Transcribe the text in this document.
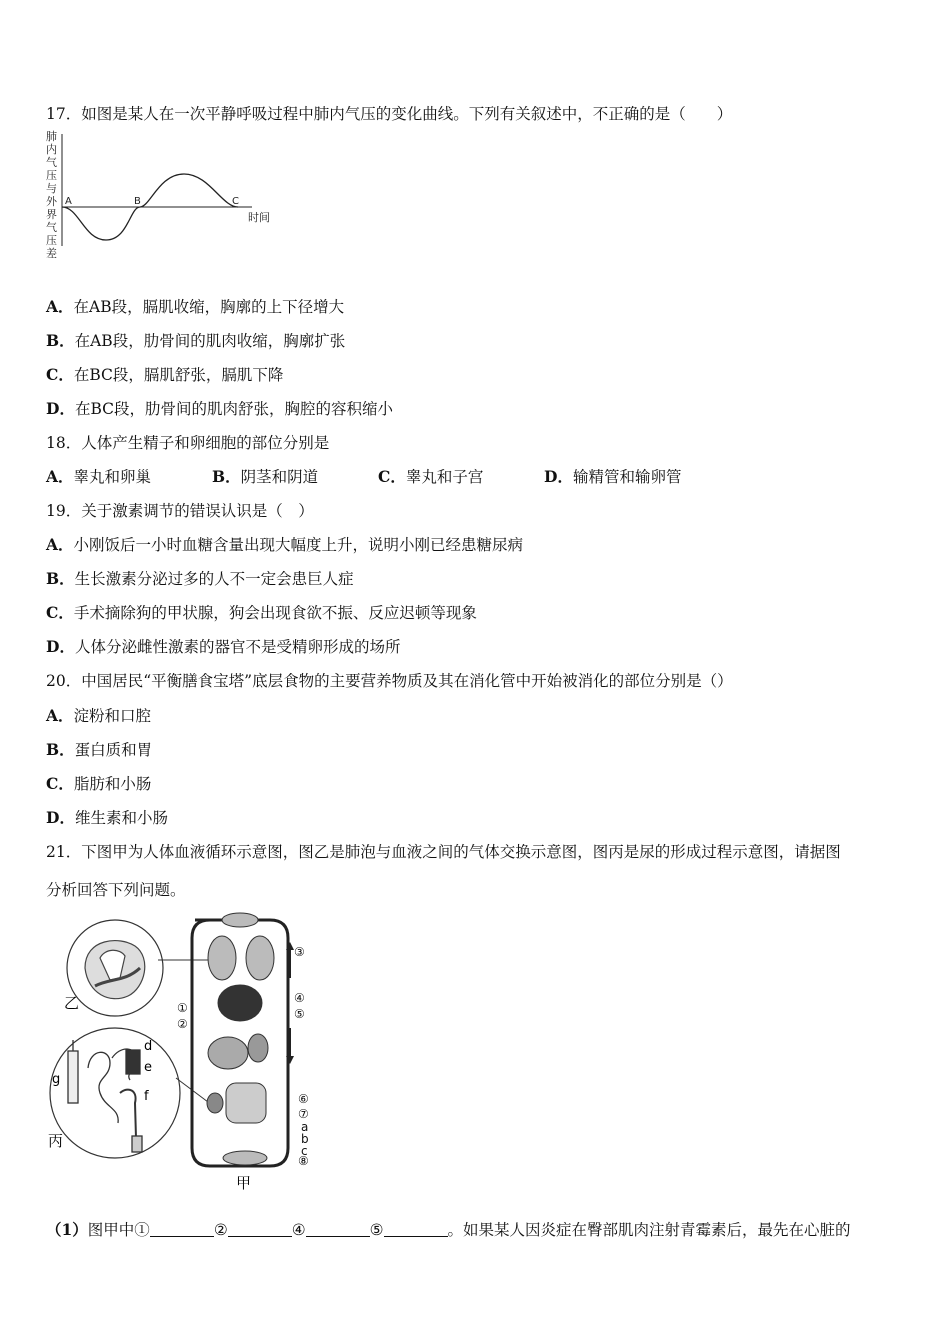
17．如图是某人在一次平静呼吸过程中肺内气压的变化曲线。下列有关叙述中，不正确的是（　　）
肺内气压与外界气压差
A	B	C
时间
A．在AB段，膈肌收缩，胸廓的上下径增大
B．在AB段，肋骨间的肌肉收缩，胸廓扩张
C．在BC段，膈肌舒张，膈肌下降
D．在BC段，肋骨间的肌肉舒张，胸腔的容积缩小
18．人体产生精子和卵细胞的部位分别是
A．睾丸和卵巢	B．阴茎和阴道	C．睾丸和子宫	D．输精管和输卵管
19．关于激素调节的错误认识是（　）
A．小刚饭后一小时血糖含量出现大幅度上升，说明小刚已经患糖尿病
B．生长激素分泌过多的人不一定会患巨人症
C．手术摘除狗的甲状腺，狗会出现食欲不振、反应迟顿等现象
D．人体分泌雌性激素的器官不是受精卵形成的场所
20．中国居民“平衡膳食宝塔”底层食物的主要营养物质及其在消化管中开始被消化的部位分别是（）
A．淀粉和口腔
B．蛋白质和胃
C．脂肪和小肠
D．维生素和小肠
21．下图甲为人体血液循环示意图，图乙是肺泡与血液之间的气体交换示意图，图丙是尿的形成过程示意图，请据图
分析回答下列问题。
乙
d
e
f
g
丙
③
④
⑤
①
②
⑥
⑦
a
b
c
⑧
甲
（1）图甲中①	②	④	⑤	。如果某人因炎症在臀部肌肉注射青霉素后，最先在心脏的
